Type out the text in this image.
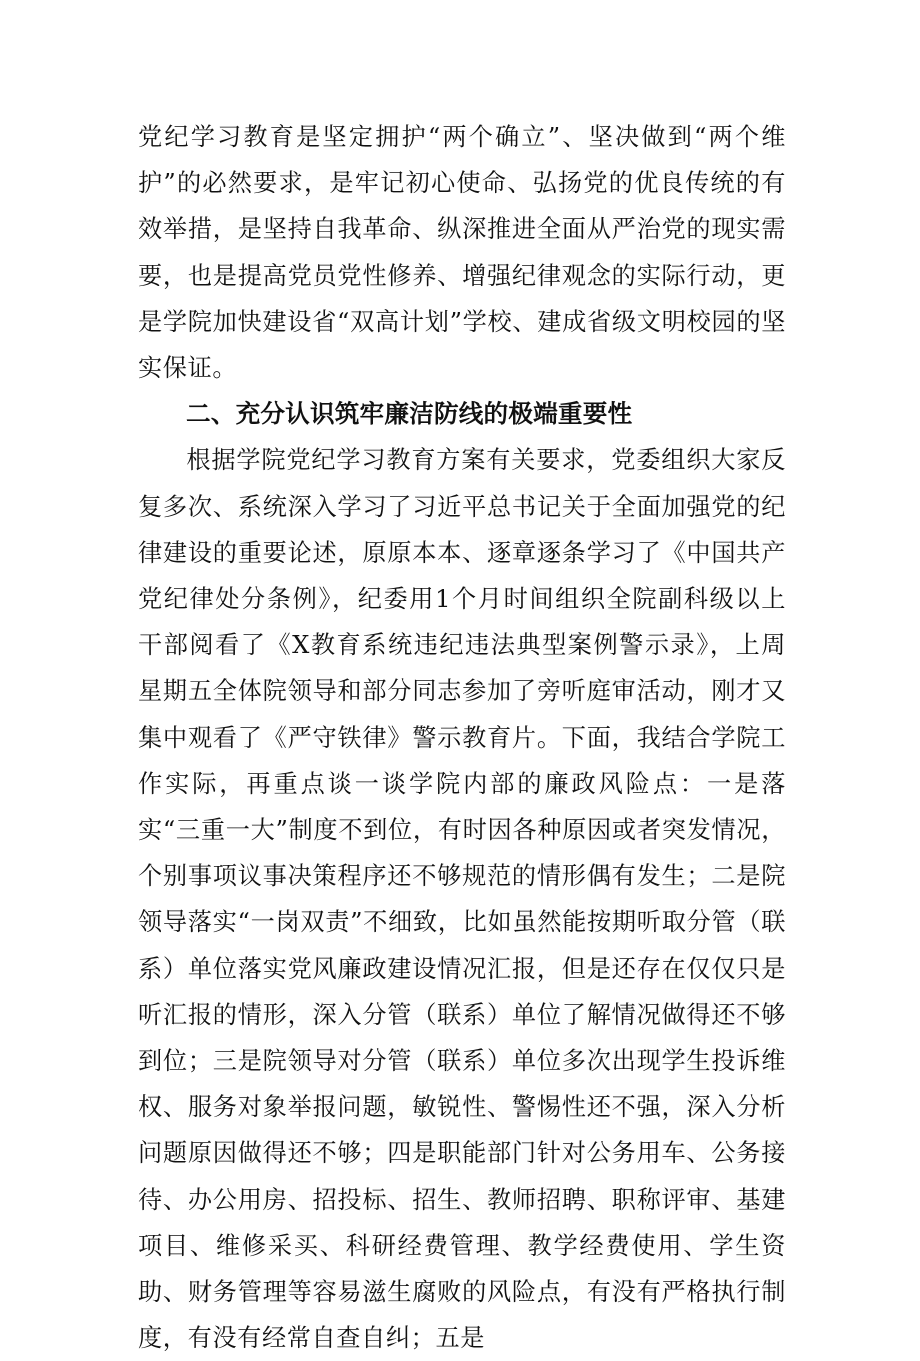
党纪学习教育是坚定拥护“两个确立”、坚决做到“两个维护”的必然要求，是牢记初心使命、弘扬党的优良传统的有效举措，是坚持自我革命、纵深推进全面从严治党的现实需要，也是提高党员党性修养、增强纪律观念的实际行动，更是学院加快建设省“双高计划”学校、建成省级文明校园的坚实保证。

二、充分认识筑牢廉洁防线的极端重要性

根据学院党纪学习教育方案有关要求，党委组织大家反复多次、系统深入学习了习近平总书记关于全面加强党的纪律建设的重要论述，原原本本、逐章逐条学习了《中国共产党纪律处分条例》，纪委用1个月时间组织全院副科级以上干部阅看了《X教育系统违纪违法典型案例警示录》，上周星期五全体院领导和部分同志参加了旁听庭审活动，刚才又集中观看了《严守铁律》警示教育片。下面，我结合学院工作实际，再重点谈一谈学院内部的廉政风险点：一是落实“三重一大”制度不到位，有时因各种原因或者突发情况，个别事项议事决策程序还不够规范的情形偶有发生；二是院领导落实“一岗双责”不细致，比如虽然能按期听取分管（联系）单位落实党风廉政建设情况汇报，但是还存在仅仅只是听汇报的情形，深入分管（联系）单位了解情况做得还不够到位；三是院领导对分管（联系）单位多次出现学生投诉维权、服务对象举报问题，敏锐性、警惕性还不强，深入分析问题原因做得还不够；四是职能部门针对公务用车、公务接待、办公用房、招投标、招生、教师招聘、职称评审、基建项目、维修采买、科研经费管理、教学经费使用、学生资助、财务管理等容易滋生腐败的风险点，有没有严格执行制度，有没有经常自查自纠；五是
